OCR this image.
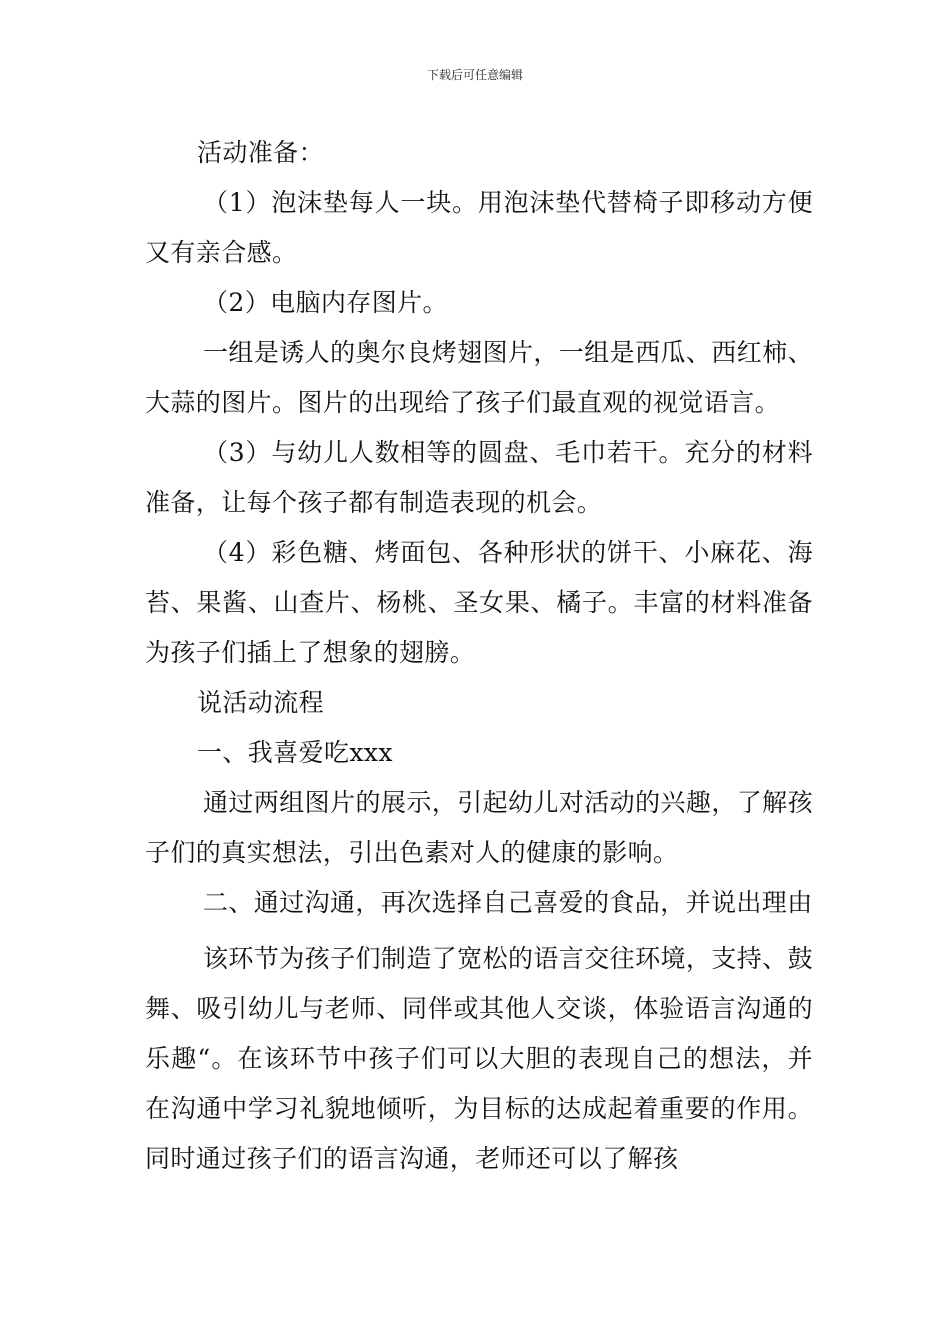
下载后可任意编辑

活动准备：

（1）泡沫垫每人一块。用泡沫垫代替椅子即移动方便又有亲合感。

（2）电脑内存图片。

一组是诱人的奥尔良烤翅图片，一组是西瓜、西红柿、大蒜的图片。图片的出现给了孩子们最直观的视觉语言。

（3）与幼儿人数相等的圆盘、毛巾若干。充分的材料准备，让每个孩子都有制造表现的机会。

（4）彩色糖、烤面包、各种形状的饼干、小麻花、海苔、果酱、山查片、杨桃、圣女果、橘子。丰富的材料准备为孩子们插上了想象的翅膀。

说活动流程

一、我喜爱吃xxx

通过两组图片的展示，引起幼儿对活动的兴趣，了解孩子们的真实想法，引出色素对人的健康的影响。

二、通过沟通，再次选择自己喜爱的食品，并说出理由

该环节为孩子们制造了宽松的语言交往环境，支持、鼓舞、吸引幼儿与老师、同伴或其他人交谈，体验语言沟通的乐趣“。在该环节中孩子们可以大胆的表现自己的想法，并在沟通中学习礼貌地倾听，为目标的达成起着重要的作用。同时通过孩子们的语言沟通，老师还可以了解孩
